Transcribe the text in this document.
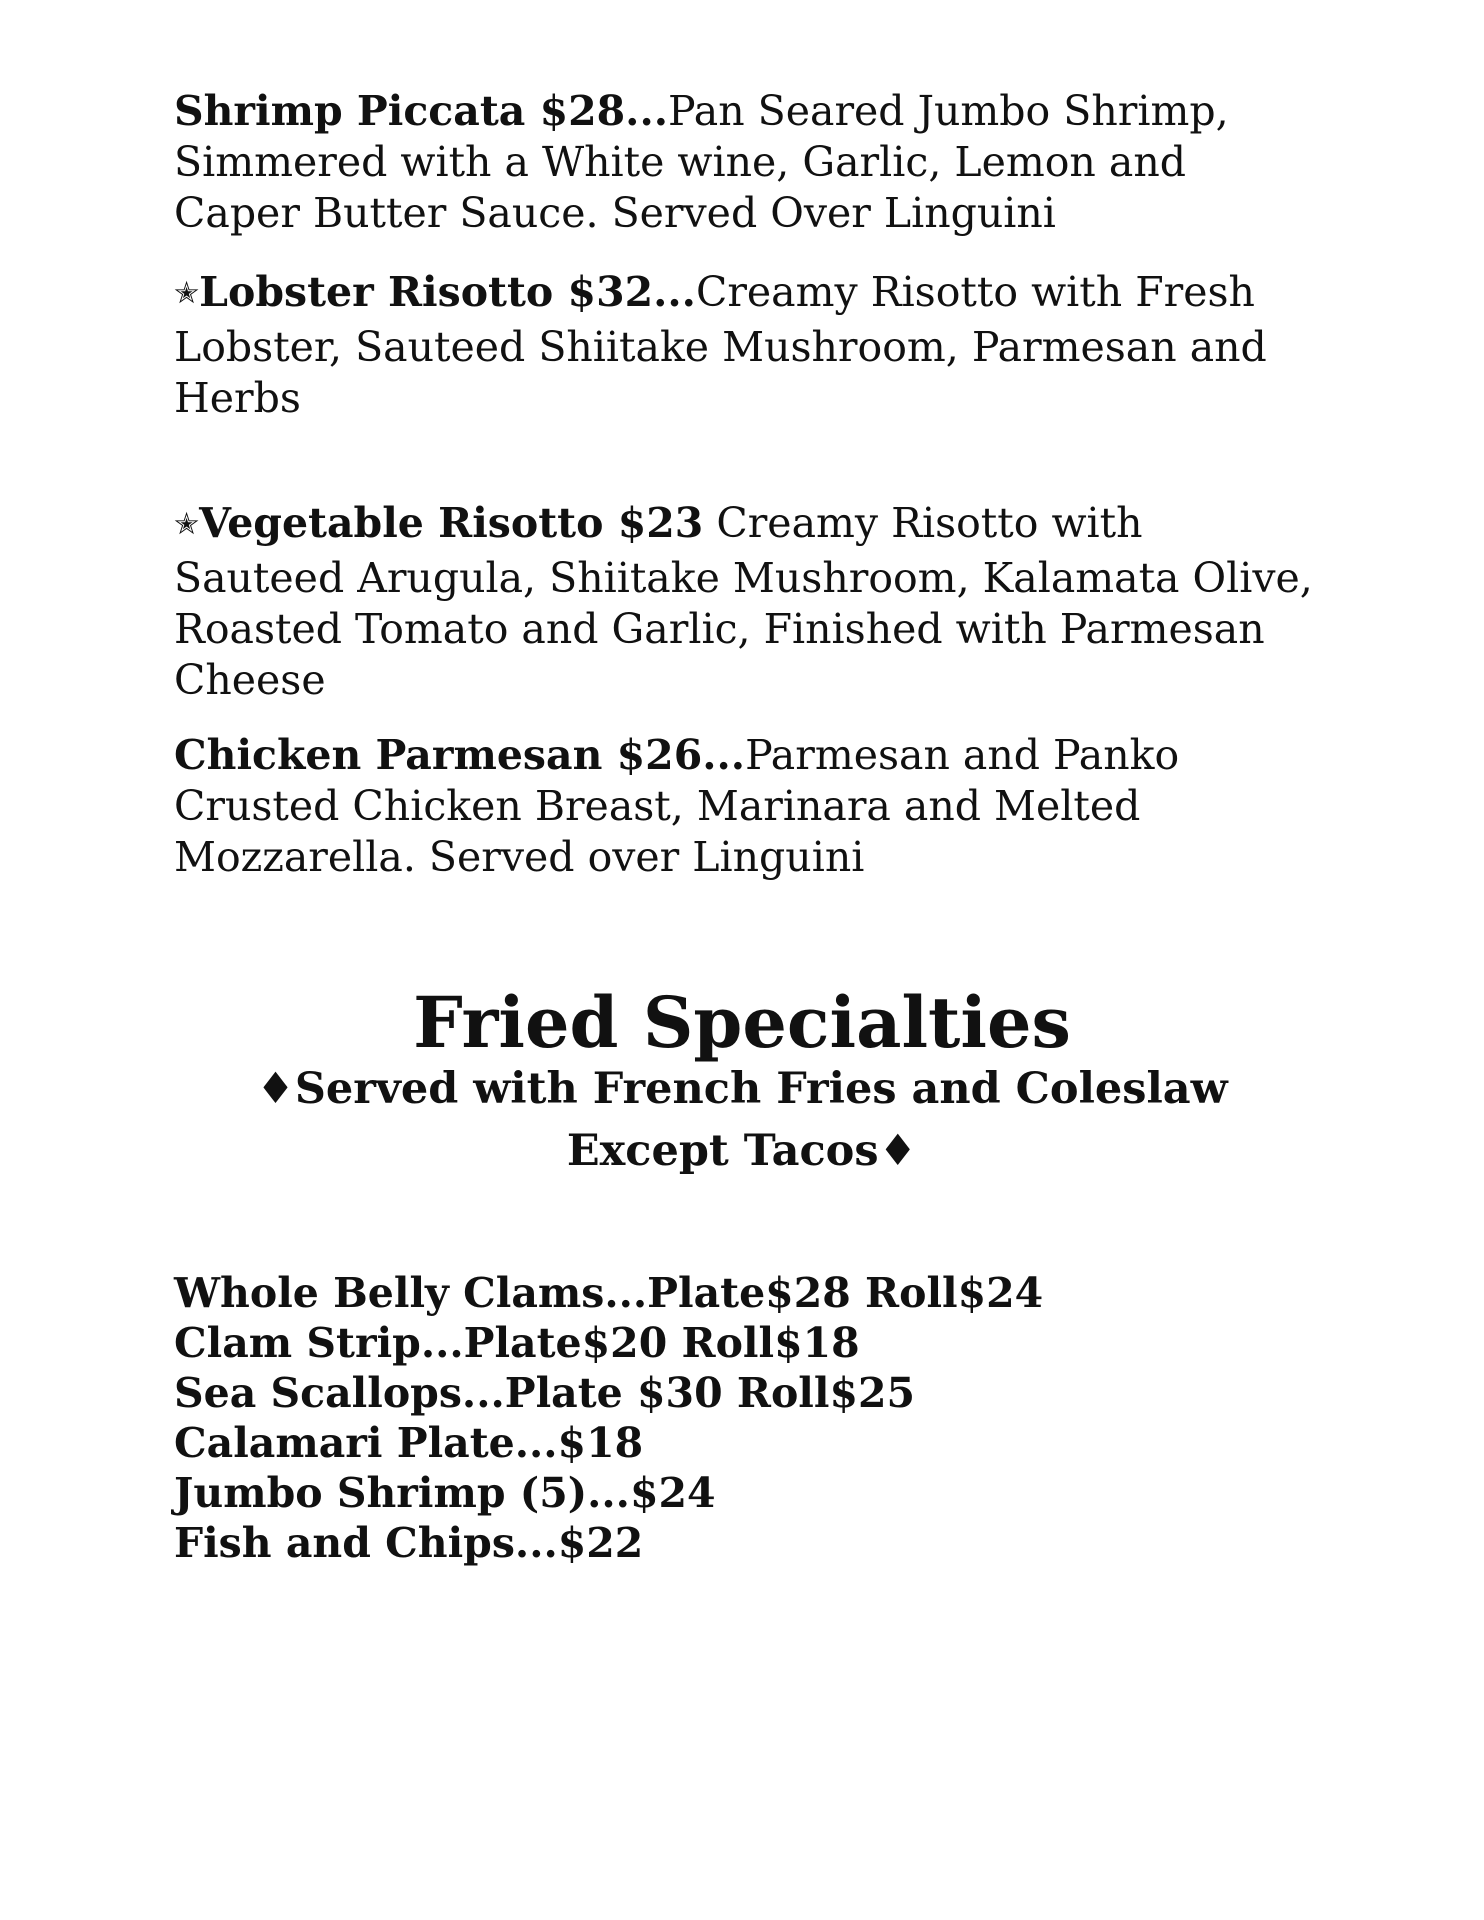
Shrimp Piccata $28...Pan Seared Jumbo Shrimp, Simmered with a White wine, Garlic, Lemon and Caper Butter Sauce. Served Over Linguini
✭Lobster Risotto $32...Creamy Risotto with Fresh Lobster, Sauteed Shiitake Mushroom, Parmesan and Herbs
✭Vegetable Risotto $23 Creamy Risotto with Sauteed Arugula, Shiitake Mushroom, Kalamata Olive, Roasted Tomato and Garlic, Finished with Parmesan Cheese
Chicken Parmesan $26...Parmesan and Panko Crusted Chicken Breast, Marinara and Melted Mozzarella. Served over Linguini
Fried Specialties
♦Served with French Fries and Coleslaw
Except Tacos♦
Whole Belly Clams...Plate$28 Roll$24
Clam Strip...Plate$20 Roll$18
Sea Scallops...Plate $30 Roll$25
Calamari Plate...$18
Jumbo Shrimp (5)...$24
Fish and Chips...$22
